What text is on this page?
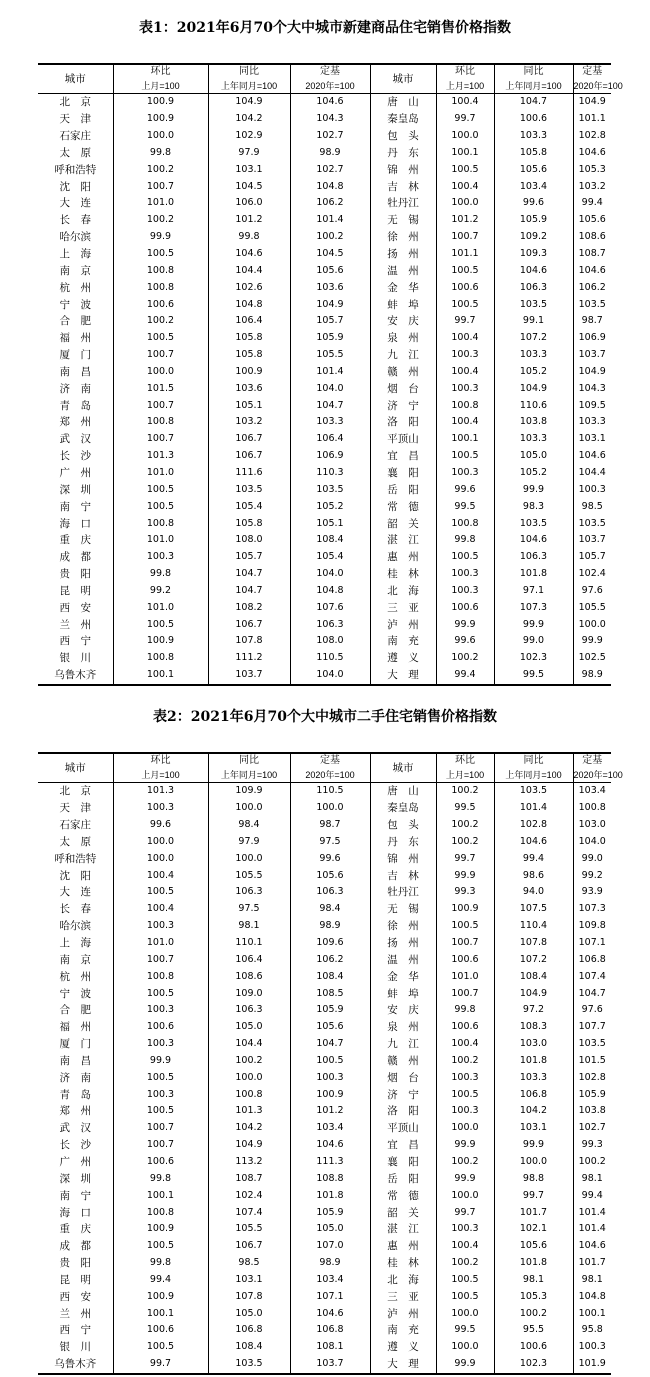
表1：2021年6月70个大中城市新建商品住宅销售价格指数
城市	环比	同比	定基	城市	环比	同比	定基
	上月=100	上年同月=100	2020年=100		上月=100	上年同月=100	2020年=100
北　京	100.9	104.9	104.6	唐　山	100.4	104.7	104.9
天　津	100.9	104.2	104.3	秦皇岛	99.7	100.6	101.1
石家庄	100.0	102.9	102.7	包　头	100.0	103.3	102.8
太　原	99.8	97.9	98.9	丹　东	100.1	105.8	104.6
呼和浩特	100.2	103.1	102.7	锦　州	100.5	105.6	105.3
沈　阳	100.7	104.5	104.8	吉　林	100.4	103.4	103.2
大　连	101.0	106.0	106.2	牡丹江	100.0	99.6	99.4
长　春	100.2	101.2	101.4	无　锡	101.2	105.9	105.6
哈尔滨	99.9	99.8	100.2	徐　州	100.7	109.2	108.6
上　海	100.5	104.6	104.5	扬　州	101.1	109.3	108.7
南　京	100.8	104.4	105.6	温　州	100.5	104.6	104.6
杭　州	100.8	102.6	103.6	金　华	100.6	106.3	106.2
宁　波	100.6	104.8	104.9	蚌　埠	100.5	103.5	103.5
合　肥	100.2	106.4	105.7	安　庆	99.7	99.1	98.7
福　州	100.5	105.8	105.9	泉　州	100.4	107.2	106.9
厦　门	100.7	105.8	105.5	九　江	100.3	103.3	103.7
南　昌	100.0	100.9	101.4	赣　州	100.4	105.2	104.9
济　南	101.5	103.6	104.0	烟　台	100.3	104.9	104.3
青　岛	100.7	105.1	104.7	济　宁	100.8	110.6	109.5
郑　州	100.8	103.2	103.3	洛　阳	100.4	103.8	103.3
武　汉	100.7	106.7	106.4	平顶山	100.1	103.3	103.1
长　沙	101.3	106.7	106.9	宜　昌	100.5	105.0	104.6
广　州	101.0	111.6	110.3	襄　阳	100.3	105.2	104.4
深　圳	100.5	103.5	103.5	岳　阳	99.6	99.9	100.3
南　宁	100.5	105.4	105.2	常　德	99.5	98.3	98.5
海　口	100.8	105.8	105.1	韶　关	100.8	103.5	103.5
重　庆	101.0	108.0	108.4	湛　江	99.8	104.6	103.7
成　都	100.3	105.7	105.4	惠　州	100.5	106.3	105.7
贵　阳	99.8	104.7	104.0	桂　林	100.3	101.8	102.4
昆　明	99.2	104.7	104.8	北　海	100.3	97.1	97.6
西　安	101.0	108.2	107.6	三　亚	100.6	107.3	105.5
兰　州	100.5	106.7	106.3	泸　州	99.9	99.9	100.0
西　宁	100.9	107.8	108.0	南　充	99.6	99.0	99.9
银　川	100.8	111.2	110.5	遵　义	100.2	102.3	102.5
乌鲁木齐	100.1	103.7	104.0	大　理	99.4	99.5	98.9
表2：2021年6月70个大中城市二手住宅销售价格指数
城市	环比	同比	定基	城市	环比	同比	定基
	上月=100	上年同月=100	2020年=100		上月=100	上年同月=100	2020年=100
北　京	101.3	109.9	110.5	唐　山	100.2	103.5	103.4
天　津	100.3	100.0	100.0	秦皇岛	99.5	101.4	100.8
石家庄	99.6	98.4	98.7	包　头	100.2	102.8	103.0
太　原	100.0	97.9	97.5	丹　东	100.2	104.6	104.0
呼和浩特	100.0	100.0	99.6	锦　州	99.7	99.4	99.0
沈　阳	100.4	105.5	105.6	吉　林	99.9	98.6	99.2
大　连	100.5	106.3	106.3	牡丹江	99.3	94.0	93.9
长　春	100.4	97.5	98.4	无　锡	100.9	107.5	107.3
哈尔滨	100.3	98.1	98.9	徐　州	100.5	110.4	109.8
上　海	101.0	110.1	109.6	扬　州	100.7	107.8	107.1
南　京	100.7	106.4	106.2	温　州	100.6	107.2	106.8
杭　州	100.8	108.6	108.4	金　华	101.0	108.4	107.4
宁　波	100.5	109.0	108.5	蚌　埠	100.7	104.9	104.7
合　肥	100.3	106.3	105.9	安　庆	99.8	97.2	97.6
福　州	100.6	105.0	105.6	泉　州	100.6	108.3	107.7
厦　门	100.3	104.4	104.7	九　江	100.4	103.0	103.5
南　昌	99.9	100.2	100.5	赣　州	100.2	101.8	101.5
济　南	100.5	100.0	100.3	烟　台	100.3	103.3	102.8
青　岛	100.3	100.8	100.9	济　宁	100.5	106.8	105.9
郑　州	100.5	101.3	101.2	洛　阳	100.3	104.2	103.8
武　汉	100.7	104.2	103.4	平顶山	100.0	103.1	102.7
长　沙	100.7	104.9	104.6	宜　昌	99.9	99.9	99.3
广　州	100.6	113.2	111.3	襄　阳	100.2	100.0	100.2
深　圳	99.8	108.7	108.8	岳　阳	99.9	98.8	98.1
南　宁	100.1	102.4	101.8	常　德	100.0	99.7	99.4
海　口	100.8	107.4	105.9	韶　关	99.7	101.7	101.4
重　庆	100.9	105.5	105.0	湛　江	100.3	102.1	101.4
成　都	100.5	106.7	107.0	惠　州	100.4	105.6	104.6
贵　阳	99.8	98.5	98.9	桂　林	100.2	101.8	101.7
昆　明	99.4	103.1	103.4	北　海	100.5	98.1	98.1
西　安	100.9	107.8	107.1	三　亚	100.5	105.3	104.8
兰　州	100.1	105.0	104.6	泸　州	100.0	100.2	100.1
西　宁	100.6	106.8	106.8	南　充	99.5	95.5	95.8
银　川	100.5	108.4	108.1	遵　义	100.0	100.6	100.3
乌鲁木齐	99.7	103.5	103.7	大　理	99.9	102.3	101.9
